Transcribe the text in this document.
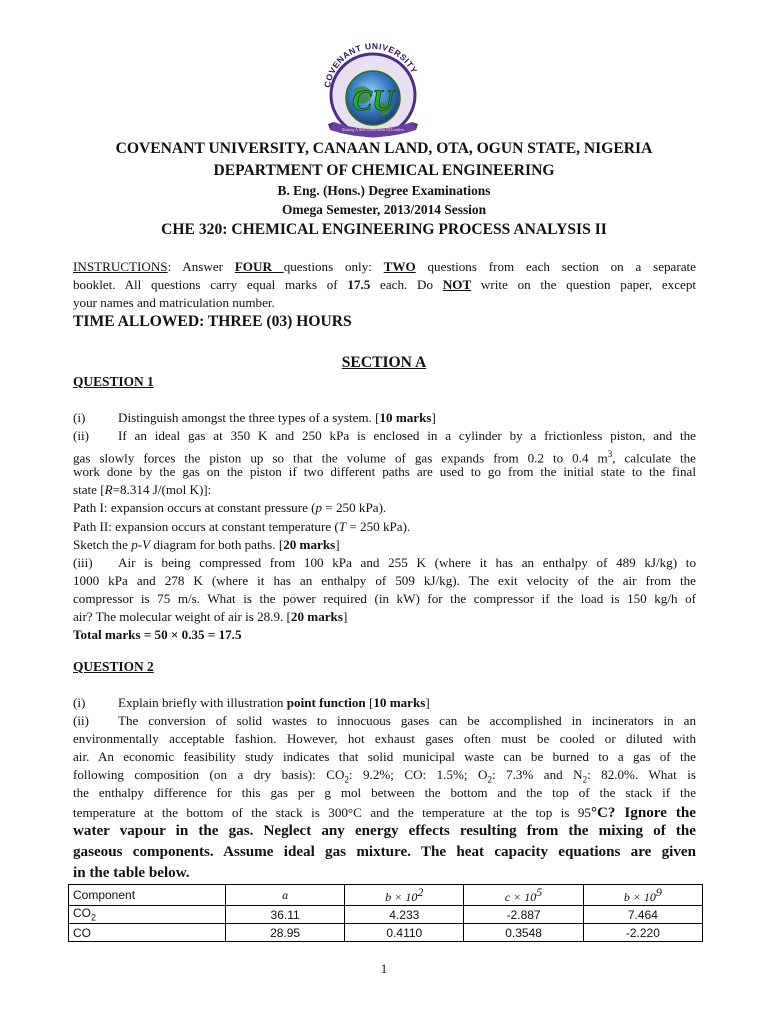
COVENANT UNIVERSITY
CU
Raising A New Generation Of Leaders
COVENANT UNIVERSITY, CANAAN LAND, OTA, OGUN STATE, NIGERIA
DEPARTMENT OF CHEMICAL ENGINEERING
B. Eng. (Hons.) Degree Examinations
Omega Semester, 2013/2014 Session
CHE 320: CHEMICAL ENGINEERING PROCESS ANALYSIS II
INSTRUCTIONS: Answer FOUR questions only: TWO questions from each section on a separate
booklet. All questions carry equal marks of 17.5 each. Do NOT write on the question paper, except
your names and matriculation number.
TIME ALLOWED: THREE (03) HOURS
SECTION A
QUESTION 1
(i) Distinguish amongst the three types of a system. [10 marks]
(ii) If an ideal gas at 350 K and 250 kPa is enclosed in a cylinder by a frictionless piston, and the
gas slowly forces the piston up so that the volume of gas expands from 0.2 to 0.4 $m^3$, calculate the
work done by the gas on the piston if two different paths are used to go from the initial state to the final
state [R=8.314 J/(mol K)]:
Path I: expansion occurs at constant pressure (p = 250 kPa).
Path II: expansion occurs at constant temperature (T = 250 kPa).
Sketch the p-V diagram for both paths. [20 marks]
(iii) Air is being compressed from 100 kPa and 255 K (where it has an enthalpy of 489 kJ/kg) to
1000 kPa and 278 K (where it has an enthalpy of 509 kJ/kg). The exit velocity of the air from the
compressor is 75 m/s. What is the power required (in kW) for the compressor if the load is 150 kg/h of
air? The molecular weight of air is 28.9. [20 marks]
Total marks = 50 × 0.35 = 17.5
QUESTION 2
(i) Explain briefly with illustration point function [10 marks]
(ii) The conversion of solid wastes to innocuous gases can be accomplished in incinerators in an
environmentally acceptable fashion. However, hot exhaust gases often must be cooled or diluted with
air. An economic feasibility study indicates that solid municipal waste can be burned to a gas of the
following composition (on a dry basis): $CO_2$: 9.2%; CO: 1.5%; $O_2$: 7.3% and $N_2$: 82.0%. What is
the enthalpy difference for this gas per g mol between the bottom and the top of the stack if the
temperature at the bottom of the stack is 300°C and the temperature at the top is 95°C? Ignore the
water vapour in the gas. Neglect any energy effects resulting from the mixing of the
gaseous components. Assume ideal gas mixture. The heat capacity equations are given
in the table below.
Component	a	$b \times 10^2$	$c \times 10^5$	$b \times 10^9$
$CO_2$	36.11	4.233	-2.887	7.464
CO	28.95	0.4110	0.3548	-2.220
1
